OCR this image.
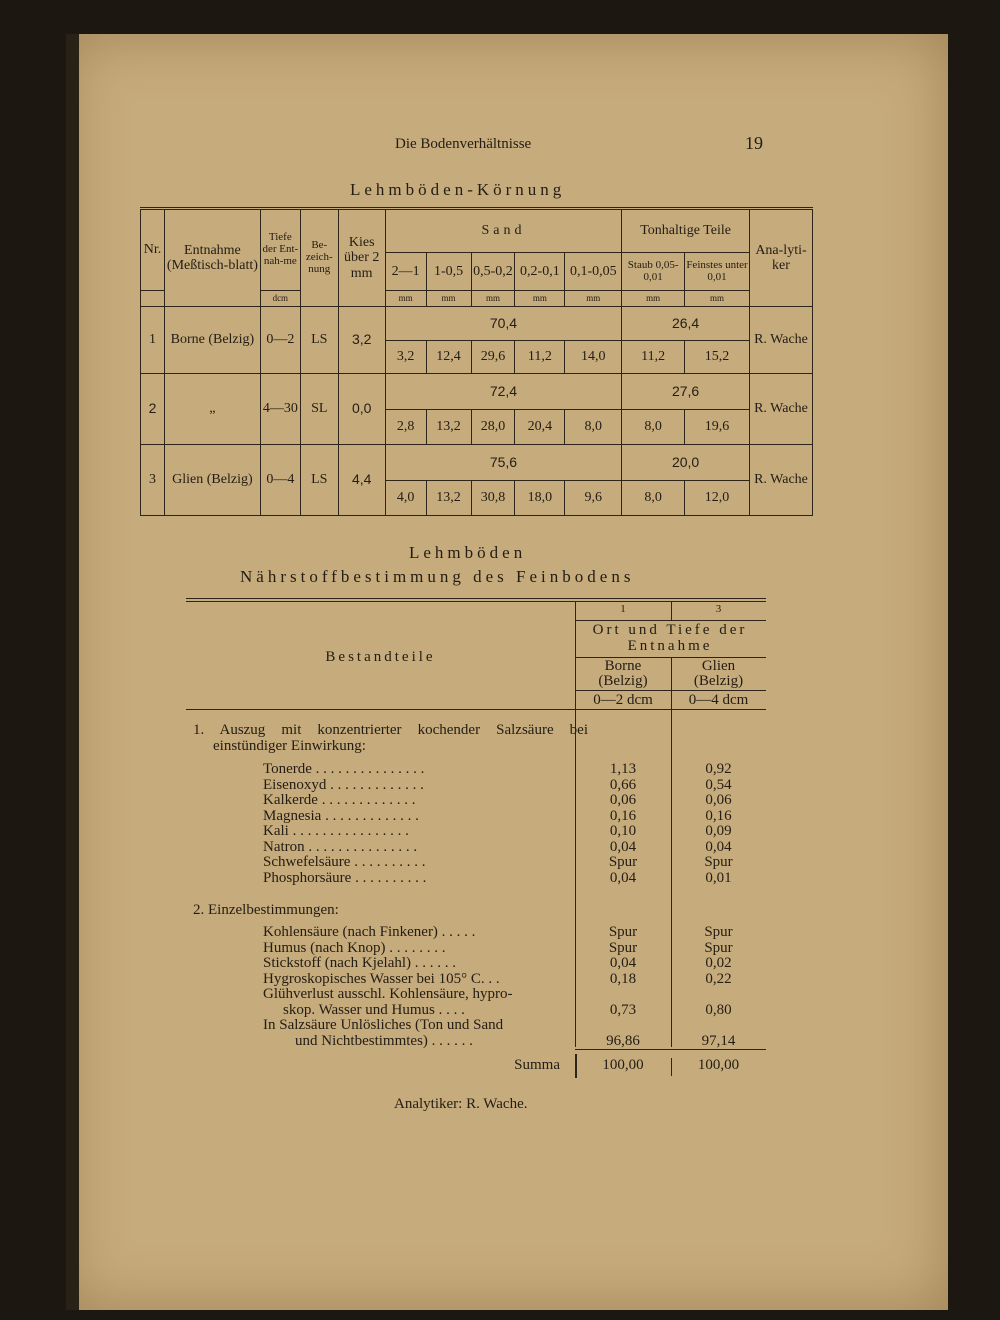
Die Bodenverhältnisse	19
Lehmböden-Körnung
Nr.	Entnahme (Meßtisch-blatt)	Tiefe der Ent-nah-me	Be-zeich-nung	Kies über 2 mm	Sand					Tonhaltige Teile		Ana-lyti-ker
					2—1	1-0,5	0,5-0,2	0,2-0,1	0,1-0,05	Staub 0,05-0,01	Feinstes unter 0,01	
		dcm			mm	mm	mm	mm	mm	mm	mm	
1	Borne (Belzig)	0—2	LS	3,2	70,4					26,4		R. Wache
					3,2	12,4	29,6	11,2	14,0	11,2	15,2	
2	„	4—30	SL	0,0	72,4					27,6		R. Wache
					2,8	13,2	28,0	20,4	8,0	8,0	19,6	
3	Glien (Belzig)	0—4	LS	4,4	75,6					20,0		R. Wache
					4,0	13,2	30,8	18,0	9,6	8,0	12,0	
Lehmböden
Nährstoffbestimmung des Feinbodens
Bestandteile
1	3
Ort und Tiefe der Entnahme
Borne (Belzig)
Glien (Belzig)
0—2 dcm	0—4 dcm
1. Auszug mit konzentrierter kochender Salzsäure bei einstündiger Einwirkung:
Tonerde . . . . . . . . . . . . . . .	1,13	0,92
Eisenoxyd . . . . . . . . . . . . .	0,66	0,54
Kalkerde . . . . . . . . . . . . .	0,06	0,06
Magnesia . . . . . . . . . . . . .	0,16	0,16
Kali . . . . . . . . . . . . . . . .	0,10	0,09
Natron . . . . . . . . . . . . . . .	0,04	0,04
Schwefelsäure . . . . . . . . . .	Spur	Spur
Phosphorsäure . . . . . . . . . .	0,04	0,01
2. Einzelbestimmungen:
Kohlensäure (nach Finkener) . . . . .	Spur	Spur
Humus (nach Knop) . . . . . . . .	Spur	Spur
Stickstoff (nach Kjelahl) . . . . . .	0,04	0,02
Hygroskopisches Wasser bei 105° C. . .	0,18	0,22
Glühverlust ausschl. Kohlensäure, hypro-
skop. Wasser und Humus . . . .	0,73	0,80
In Salzsäure Unlösliches (Ton und Sand
und Nichtbestimmtes) . . . . . .	96,86	97,14
Summa	100,00	100,00
Analytiker: R. Wache.
